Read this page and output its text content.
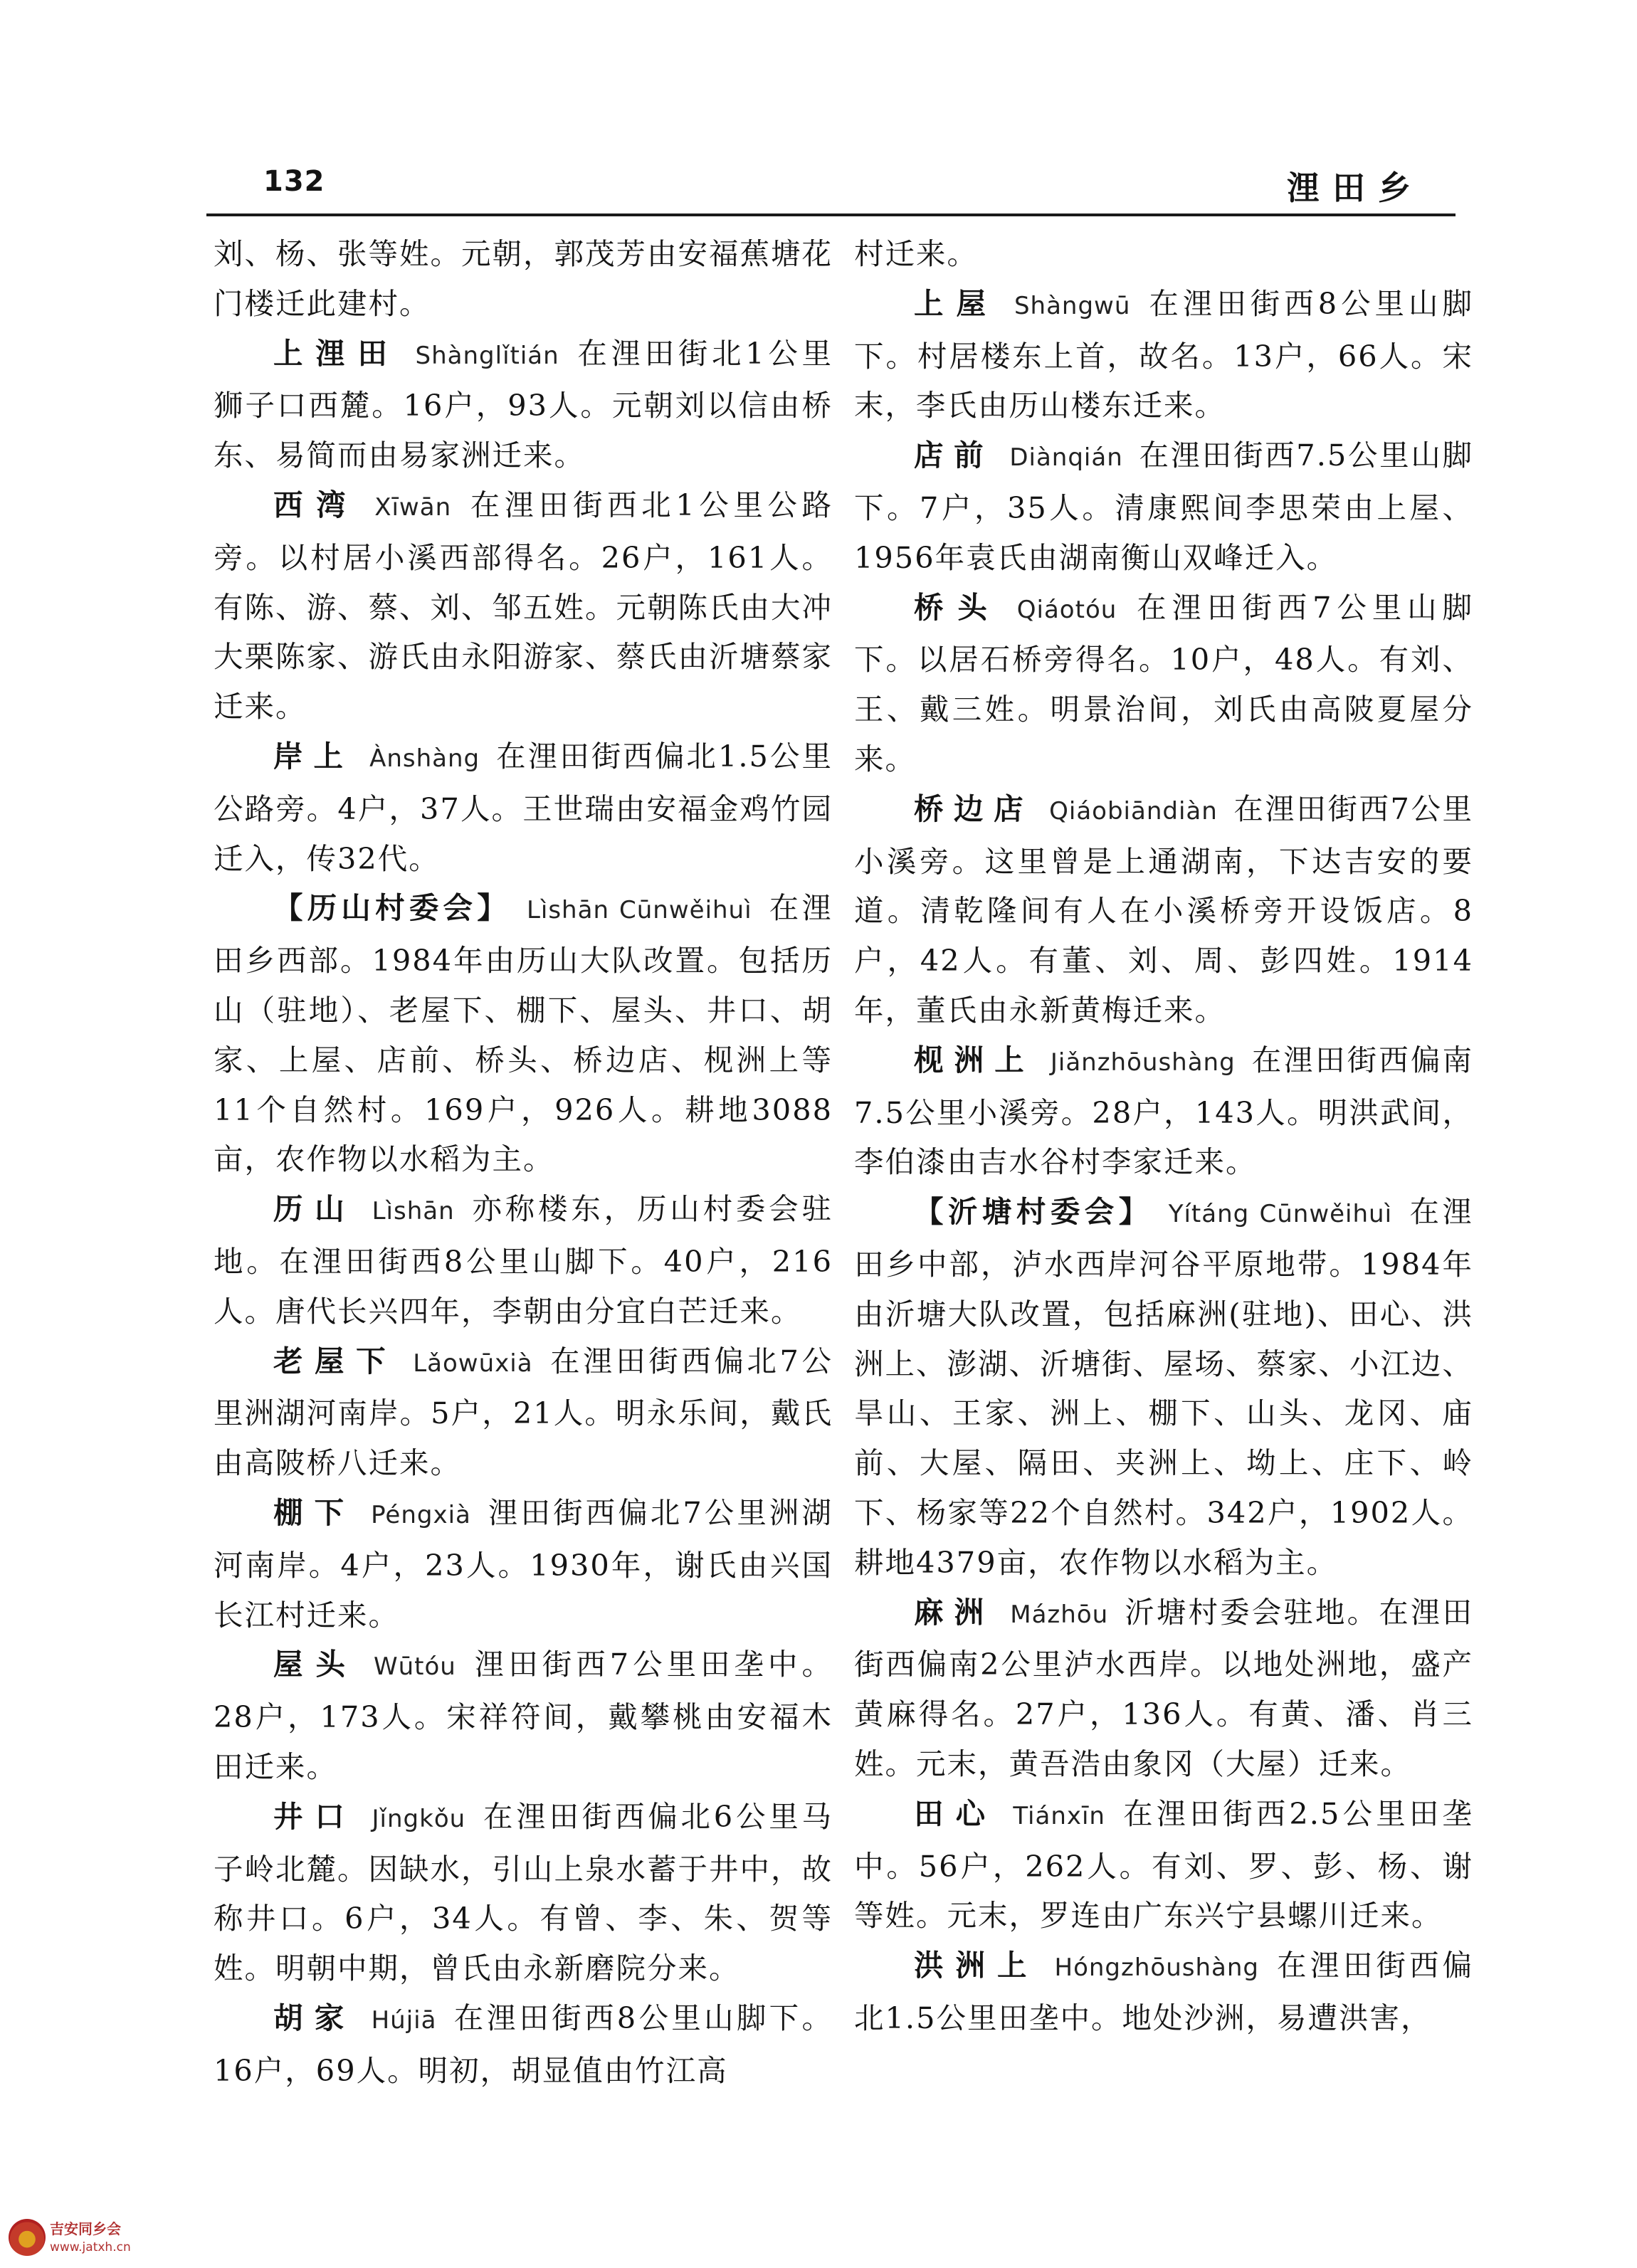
132	浬田乡

刘、杨、张等姓。元朝，郭茂芳由安福蕉塘花门楼迁此建村。

上浬田 Shànglǐtián 在浬田街北1公里狮子口西麓。16户，93人。元朝刘以信由桥东、易简而由易家洲迁来。

西湾 Xīwān 在浬田街西北1公里公路旁。以村居小溪西部得名。26户，161人。有陈、游、蔡、刘、邹五姓。元朝陈氏由大冲大栗陈家、游氏由永阳游家、蔡氏由沂塘蔡家迁来。

岸上 Ànshàng 在浬田街西偏北1.5公里公路旁。4户，37人。王世瑞由安福金鸡竹园迁入，传32代。

【历山村委会】 Lìshān Cūnwěihuì 在浬田乡西部。1984年由历山大队改置。包括历山（驻地）、老屋下、棚下、屋头、井口、胡家、上屋、店前、桥头、桥边店、枧洲上等11个自然村。169户，926人。耕地3088亩，农作物以水稻为主。

历山 Lìshān 亦称楼东，历山村委会驻地。在浬田街西8公里山脚下。40户，216人。唐代长兴四年，李朝由分宜白芒迁来。

老屋下 Lǎowūxià 在浬田街西偏北7公里洲湖河南岸。5户，21人。明永乐间，戴氏由高陂桥八迁来。

棚下 Péngxià 浬田街西偏北7公里洲湖河南岸。4户，23人。1930年，谢氏由兴国长江村迁来。

屋头 Wūtóu 浬田街西7公里田垄中。28户，173人。宋祥符间，戴攀桃由安福木田迁来。

井口 Jǐngkǒu 在浬田街西偏北6公里马子岭北麓。因缺水，引山上泉水蓄于井中，故称井口。6户，34人。有曾、李、朱、贺等姓。明朝中期，曾氏由永新磨院分来。

胡家 Hújiā 在浬田街西8公里山脚下。16户，69人。明初，胡显值由竹江高

村迁来。

上屋 Shàngwū 在浬田街西8公里山脚下。村居楼东上首，故名。13户，66人。宋末，李氏由历山楼东迁来。

店前 Diànqián 在浬田街西7.5公里山脚下。7户，35人。清康熙间李思荣由上屋、1956年袁氏由湖南衡山双峰迁入。

桥头 Qiáotóu 在浬田街西7公里山脚下。以居石桥旁得名。10户，48人。有刘、王、戴三姓。明景治间，刘氏由高陂夏屋分来。

桥边店 Qiáobiāndiàn 在浬田街西7公里小溪旁。这里曾是上通湖南，下达吉安的要道。清乾隆间有人在小溪桥旁开设饭店。8户，42人。有董、刘、周、彭四姓。1914年，董氏由永新黄梅迁来。

枧洲上 Jiǎnzhōushàng 在浬田街西偏南7.5公里小溪旁。28户，143人。明洪武间，李伯漆由吉水谷村李家迁来。

【沂塘村委会】 Yítáng Cūnwěihuì 在浬田乡中部，泸水西岸河谷平原地带。1984年由沂塘大队改置，包括麻洲(驻地)、田心、洪洲上、澎湖、沂塘街、屋场、蔡家、小江边、旱山、王家、洲上、棚下、山头、龙冈、庙前、大屋、隔田、夹洲上、坳上、庄下、岭下、杨家等22个自然村。342户，1902人。耕地4379亩，农作物以水稻为主。

麻洲 Mázhōu 沂塘村委会驻地。在浬田街西偏南2公里泸水西岸。以地处洲地，盛产黄麻得名。27户，136人。有黄、潘、肖三姓。元末，黄吾浩由象冈（大屋）迁来。

田心 Tiánxīn 在浬田街西2.5公里田垄中。56户，262人。有刘、罗、彭、杨、谢等姓。元末，罗连由广东兴宁县螺川迁来。

洪洲上 Hóngzhōushàng 在浬田街西偏北1.5公里田垄中。地处沙洲，易遭洪害，

吉安同乡会
www.jatxh.cn
